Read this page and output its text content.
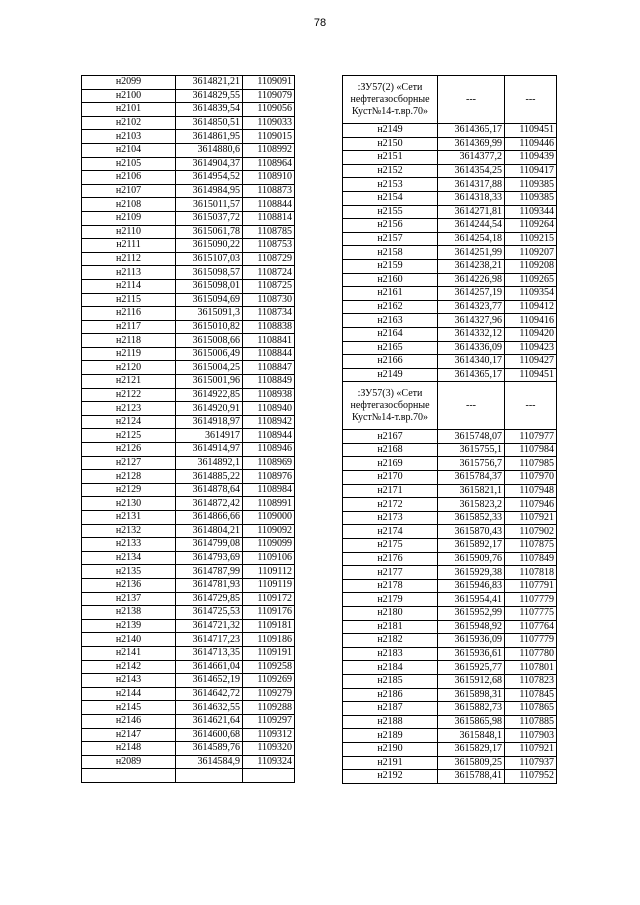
78
н2099	3614821,21	1109091
н2100	3614829,55	1109079
н2101	3614839,54	1109056
н2102	3614850,51	1109033
н2103	3614861,95	1109015
н2104	3614880,6	1108992
н2105	3614904,37	1108964
н2106	3614954,52	1108910
н2107	3614984,95	1108873
н2108	3615011,57	1108844
н2109	3615037,72	1108814
н2110	3615061,78	1108785
н2111	3615090,22	1108753
н2112	3615107,03	1108729
н2113	3615098,57	1108724
н2114	3615098,01	1108725
н2115	3615094,69	1108730
н2116	3615091,3	1108734
н2117	3615010,82	1108838
н2118	3615008,66	1108841
н2119	3615006,49	1108844
н2120	3615004,25	1108847
н2121	3615001,96	1108849
н2122	3614922,85	1108938
н2123	3614920,91	1108940
н2124	3614918,97	1108942
н2125	3614917	1108944
н2126	3614914,97	1108946
н2127	3614892,1	1108969
н2128	3614885,22	1108976
н2129	3614878,64	1108984
н2130	3614872,42	1108991
н2131	3614866,66	1109000
н2132	3614804,21	1109092
н2133	3614799,08	1109099
н2134	3614793,69	1109106
н2135	3614787,99	1109112
н2136	3614781,93	1109119
н2137	3614729,85	1109172
н2138	3614725,53	1109176
н2139	3614721,32	1109181
н2140	3614717,23	1109186
н2141	3614713,35	1109191
н2142	3614661,04	1109258
н2143	3614652,19	1109269
н2144	3614642,72	1109279
н2145	3614632,55	1109288
н2146	3614621,64	1109297
н2147	3614600,68	1109312
н2148	3614589,76	1109320
н2089	3614584,9	1109324

:ЗУ57(2) «Сети нефтегазосборные Куст№14-т.вр.70»	---	---
н2149	3614365,17	1109451
н2150	3614369,99	1109446
н2151	3614377,2	1109439
н2152	3614354,25	1109417
н2153	3614317,88	1109385
н2154	3614318,33	1109385
н2155	3614271,81	1109344
н2156	3614244,54	1109264
н2157	3614254,18	1109215
н2158	3614251,99	1109207
н2159	3614238,21	1109208
н2160	3614226,98	1109265
н2161	3614257,19	1109354
н2162	3614323,77	1109412
н2163	3614327,96	1109416
н2164	3614332,12	1109420
н2165	3614336,09	1109423
н2166	3614340,17	1109427
н2149	3614365,17	1109451
:ЗУ57(3) «Сети нефтегазосборные Куст№14-т.вр.70»	---	---
н2167	3615748,07	1107977
н2168	3615755,1	1107984
н2169	3615756,7	1107985
н2170	3615784,37	1107970
н2171	3615821,1	1107948
н2172	3615823,2	1107946
н2173	3615852,33	1107921
н2174	3615870,43	1107902
н2175	3615892,17	1107875
н2176	3615909,76	1107849
н2177	3615929,38	1107818
н2178	3615946,83	1107791
н2179	3615954,41	1107779
н2180	3615952,99	1107775
н2181	3615948,92	1107764
н2182	3615936,09	1107779
н2183	3615936,61	1107780
н2184	3615925,77	1107801
н2185	3615912,68	1107823
н2186	3615898,31	1107845
н2187	3615882,73	1107865
н2188	3615865,98	1107885
н2189	3615848,1	1107903
н2190	3615829,17	1107921
н2191	3615809,25	1107937
н2192	3615788,41	1107952
